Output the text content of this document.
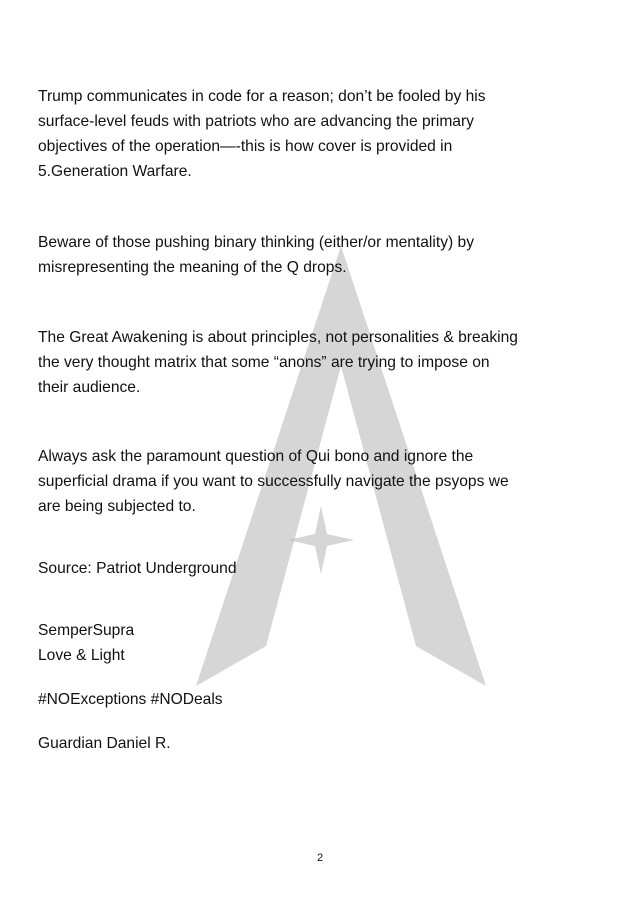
Trump communicates in code for a reason; don’t be fooled by his
surface-level feuds with patriots who are advancing the primary
objectives of the operation—-this is how cover is provided in
5.Generation Warfare.

Beware of those pushing binary thinking (either/or mentality) by
misrepresenting the meaning of the Q drops.

The Great Awakening is about principles, not personalities & breaking
the very thought matrix that some “anons” are trying to impose on
their audience.

Always ask the paramount question of Qui bono and ignore the
superficial drama if you want to successfully navigate the psyops we
are being subjected to.

Source: Patriot Underground

SemperSupra
Love & Light

#NOExceptions #NODeals

Guardian Daniel R.

2
